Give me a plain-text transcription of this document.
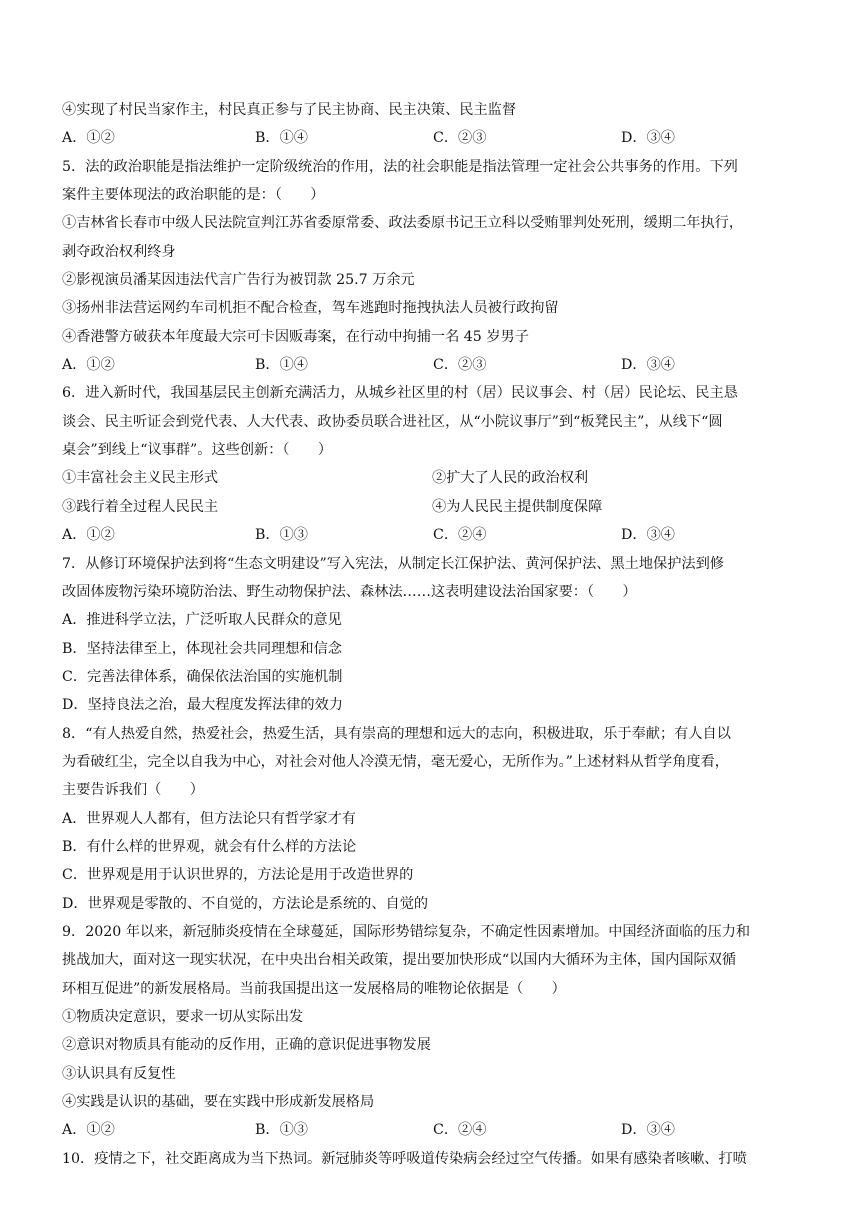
④实现了村民当家作主，村民真正参与了民主协商、民主决策、民主监督
A．①②	B．①④	C．②③	D．③④
5．法的政治职能是指法维护一定阶级统治的作用，法的社会职能是指法管理一定社会公共事务的作用。下列
案件主要体现法的政治职能的是：（　　）
①吉林省长春市中级人民法院宣判江苏省委原常委、政法委原书记王立科以受贿罪判处死刑，缓期二年执行，
剥夺政治权利终身
②影视演员潘某因违法代言广告行为被罚款 25.7 万余元
③扬州非法营运网约车司机拒不配合检查，驾车逃跑时拖拽执法人员被行政拘留
④香港警方破获本年度最大宗可卡因贩毒案，在行动中拘捕一名 45 岁男子
A．①②	B．①④	C．②③	D．③④
6．进入新时代，我国基层民主创新充满活力，从城乡社区里的村（居）民议事会、村（居）民论坛、民主恳
谈会、民主听证会到党代表、人大代表、政协委员联合进社区，从“小院议事厅”到“板凳民主”，从线下“圆
桌会”到线上“议事群”。这些创新：（　　）
①丰富社会主义民主形式	②扩大了人民的政治权利
③践行着全过程人民民主	④为人民民主提供制度保障
A．①②	B．①③	C．②④	D．③④
7．从修订环境保护法到将“生态文明建设”写入宪法，从制定长江保护法、黄河保护法、黑土地保护法到修
改固体废物污染环境防治法、野生动物保护法、森林法……这表明建设法治国家要：（　　）
A．推进科学立法，广泛听取人民群众的意见
B．坚持法律至上，体现社会共同理想和信念
C．完善法律体系，确保依法治国的实施机制
D．坚持良法之治，最大程度发挥法律的效力
8．“有人热爱自然，热爱社会，热爱生活，具有崇高的理想和远大的志向，积极进取，乐于奉献；有人自以
为看破红尘，完全以自我为中心，对社会对他人冷漠无情，毫无爱心，无所作为。”上述材料从哲学角度看，
主要告诉我们（　　）
A．世界观人人都有，但方法论只有哲学家才有
B．有什么样的世界观，就会有什么样的方法论
C．世界观是用于认识世界的，方法论是用于改造世界的
D．世界观是零散的、不自觉的，方法论是系统的、自觉的
9．2020 年以来，新冠肺炎疫情在全球蔓延，国际形势错综复杂，不确定性因素增加。中国经济面临的压力和
挑战加大，面对这一现实状况，在中央出台相关政策，提出要加快形成“以国内大循环为主体，国内国际双循
环相互促进”的新发展格局。当前我国提出这一发展格局的唯物论依据是（　　）
①物质决定意识，要求一切从实际出发
②意识对物质具有能动的反作用，正确的意识促进事物发展
③认识具有反复性
④实践是认识的基础，要在实践中形成新发展格局
A．①②	B．①③	C．②④	D．③④
10．疫情之下，社交距离成为当下热词。新冠肺炎等呼吸道传染病会经过空气传播。如果有感染者咳嗽、打喷
